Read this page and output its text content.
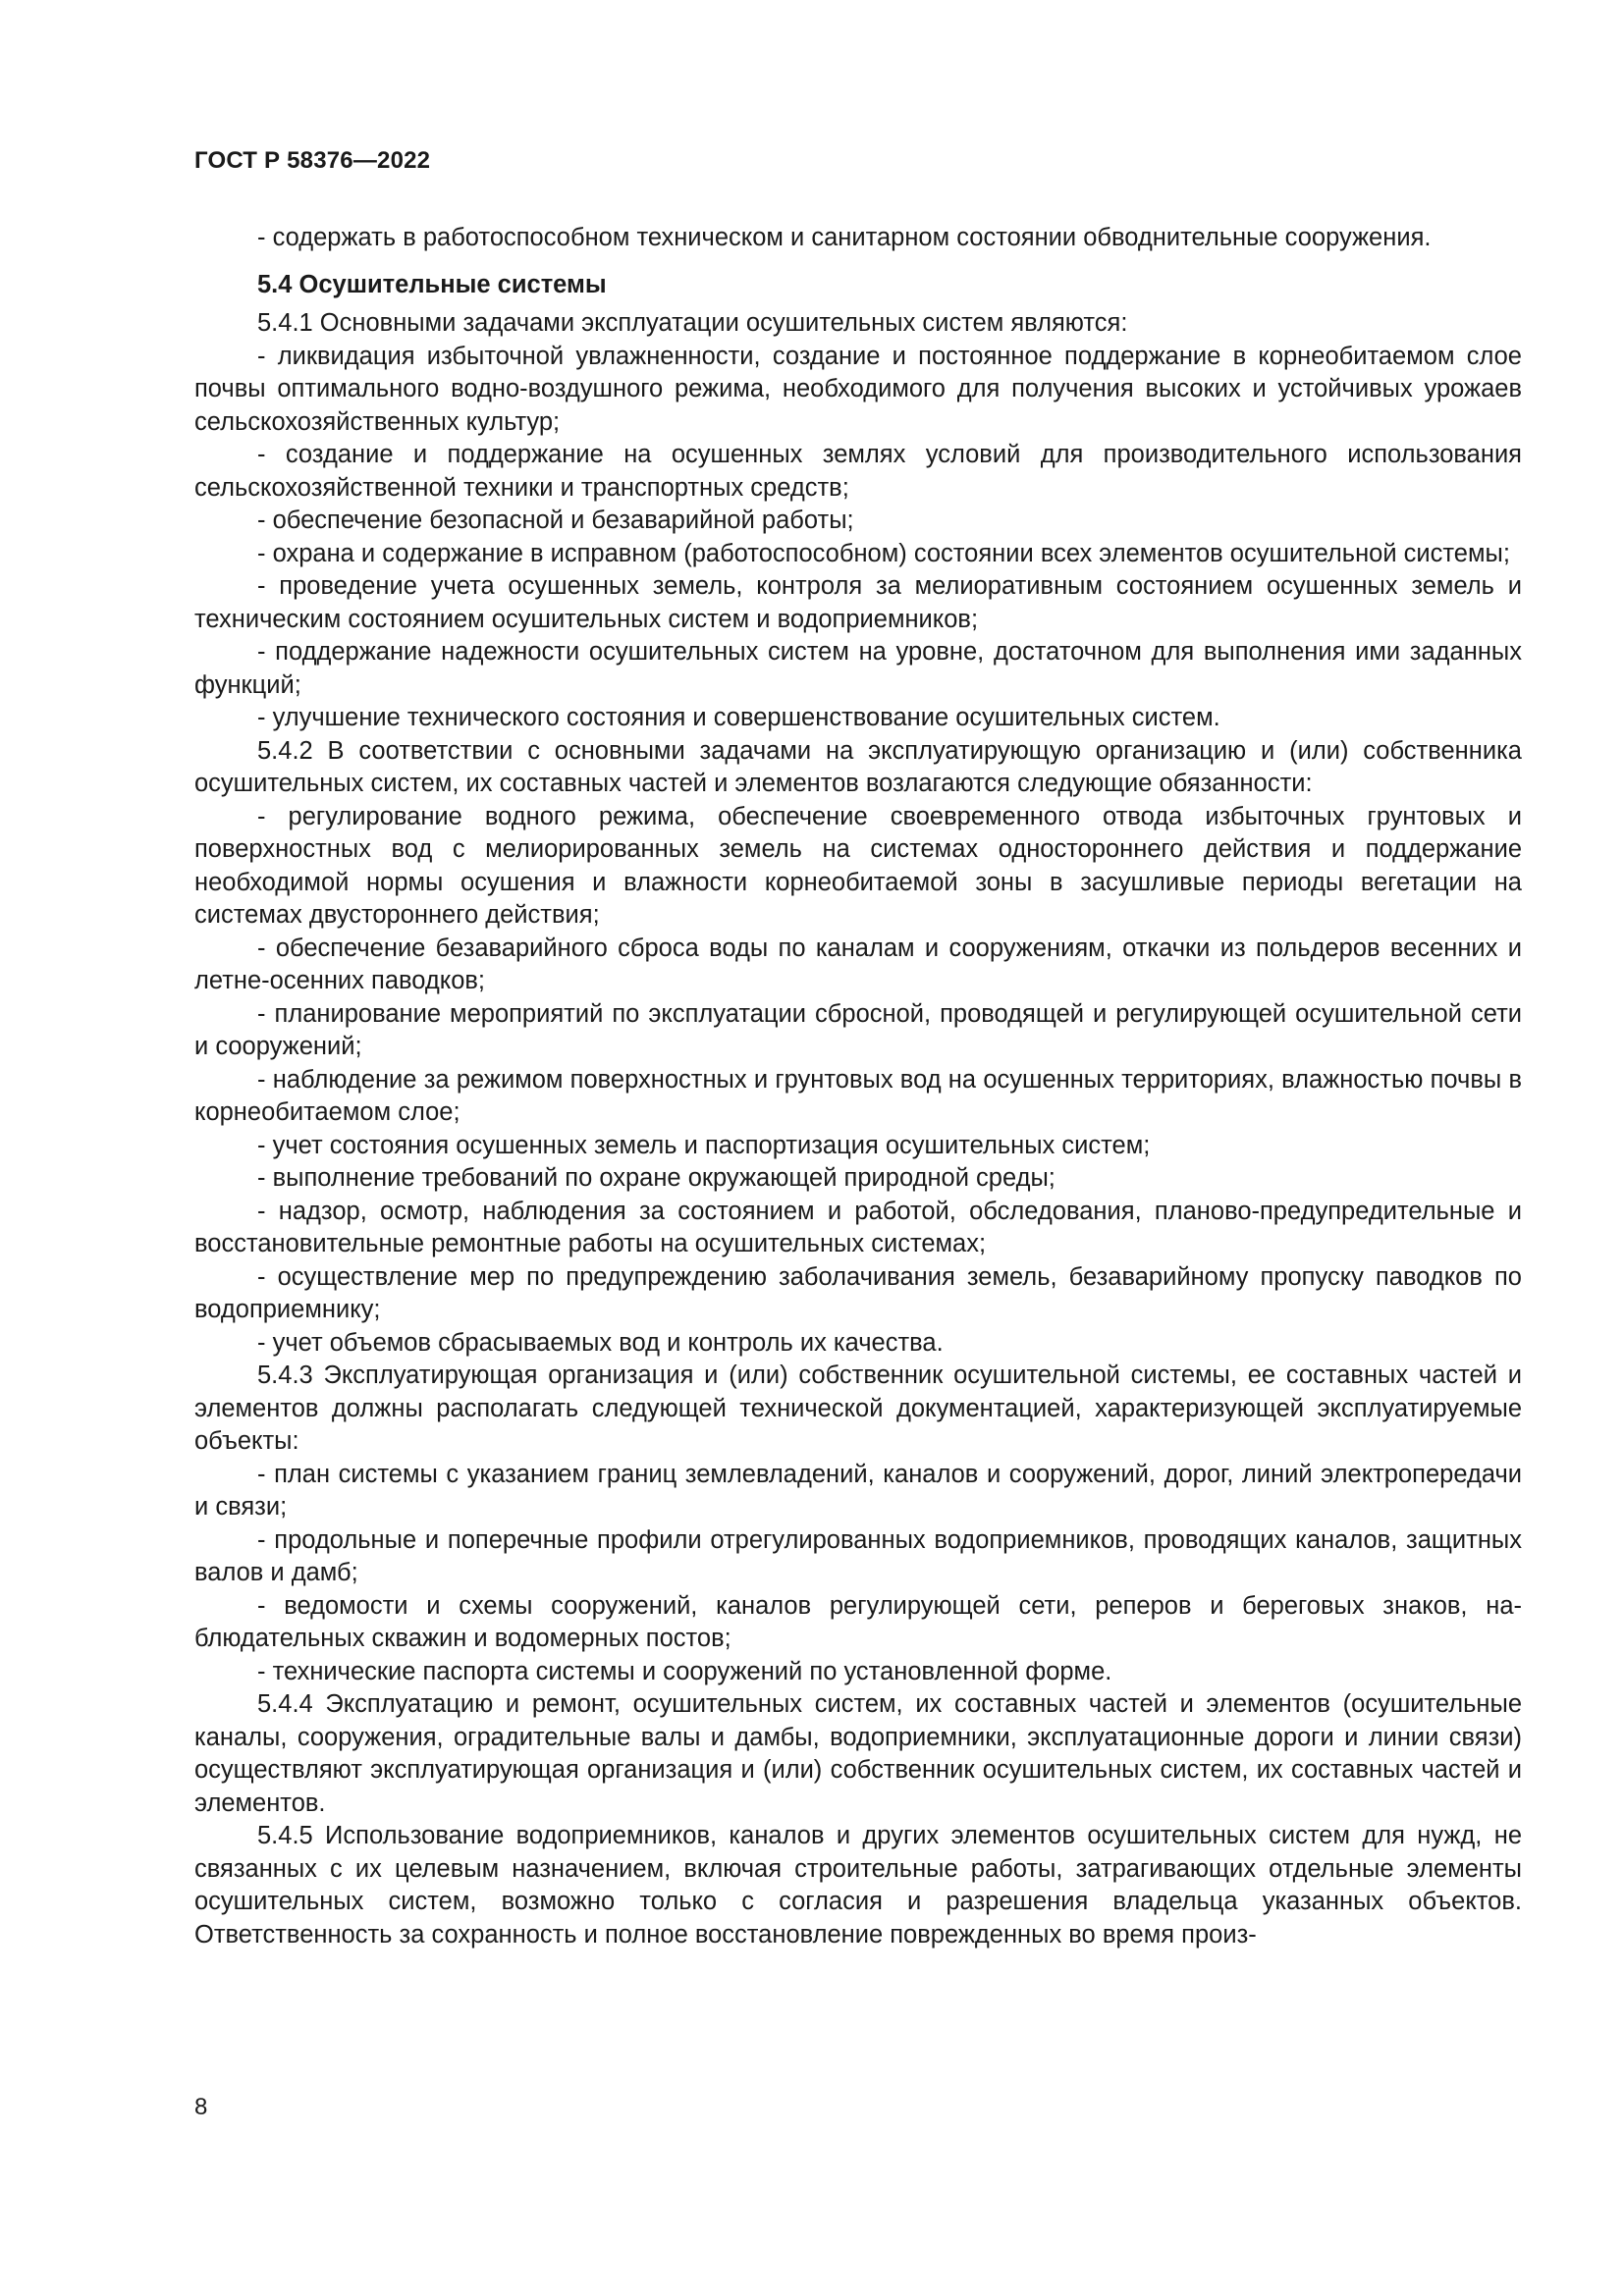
ГОСТ Р 58376—2022

- содержать в работоспособном техническом и санитарном состоянии обводнительные сооружения.

5.4 Осушительные системы

5.4.1 Основными задачами эксплуатации осушительных систем являются:

- ликвидация избыточной увлажненности, создание и постоянное поддержание в корнеобитаемом слое почвы оптимального водно-воздушного режима, необходимого для получения высоких и устойчивых урожаев сельскохозяйственных культур;

- создание и поддержание на осушенных землях условий для производительного использования сельскохозяйственной техники и транспортных средств;

- обеспечение безопасной и безаварийной работы;

- охрана и содержание в исправном (работоспособном) состоянии всех элементов осушительной системы;

- проведение учета осушенных земель, контроля за мелиоративным состоянием осушенных земель и техническим состоянием осушительных систем и водоприемников;

- поддержание надежности осушительных систем на уровне, достаточном для выполнения ими заданных функций;

- улучшение технического состояния и совершенствование осушительных систем.

5.4.2 В соответствии с основными задачами на эксплуатирующую организацию и (или) собственника осушительных систем, их составных частей и элементов возлагаются следующие обязанности:

- регулирование водного режима, обеспечение своевременного отвода избыточных грунтовых и поверхностных вод с мелиорированных земель на системах одностороннего действия и поддержание необходимой нормы осушения и влажности корнеобитаемой зоны в засушливые периоды вегетации на системах двустороннего действия;

- обеспечение безаварийного сброса воды по каналам и сооружениям, откачки из польдеров весенних и летне-осенних паводков;

- планирование мероприятий по эксплуатации сбросной, проводящей и регулирующей осушительной сети и сооружений;

- наблюдение за режимом поверхностных и грунтовых вод на осушенных территориях, влажностью почвы в корнеобитаемом слое;

- учет состояния осушенных земель и паспортизация осушительных систем;

- выполнение требований по охране окружающей природной среды;

- надзор, осмотр, наблюдения за состоянием и работой, обследования, планово-предупредительные и восстановительные ремонтные работы на осушительных системах;

- осуществление мер по предупреждению заболачивания земель, безаварийному пропуску паводков по водоприемнику;

- учет объемов сбрасываемых вод и контроль их качества.

5.4.3 Эксплуатирующая организация и (или) собственник осушительной системы, ее составных частей и элементов должны располагать следующей технической документацией, характеризующей эксплуатируемые объекты:

- план системы с указанием границ землевладений, каналов и сооружений, дорог, линий электропередачи и связи;

- продольные и поперечные профили отрегулированных водоприемников, проводящих каналов, защитных валов и дамб;

- ведомости и схемы сооружений, каналов регулирующей сети, реперов и береговых знаков, наблюдательных скважин и водомерных постов;

- технические паспорта системы и сооружений по установленной форме.

5.4.4 Эксплуатацию и ремонт, осушительных систем, их составных частей и элементов (осушительные каналы, сооружения, оградительные валы и дамбы, водоприемники, эксплуатационные дороги и линии связи) осуществляют эксплуатирующая организация и (или) собственник осушительных систем, их составных частей и элементов.

5.4.5 Использование водоприемников, каналов и других элементов осушительных систем для нужд, не связанных с их целевым назначением, включая строительные работы, затрагивающих отдельные элементы осушительных систем, возможно только с согласия и разрешения владельца указанных объектов. Ответственность за сохранность и полное восстановление поврежденных во время произ-

8
